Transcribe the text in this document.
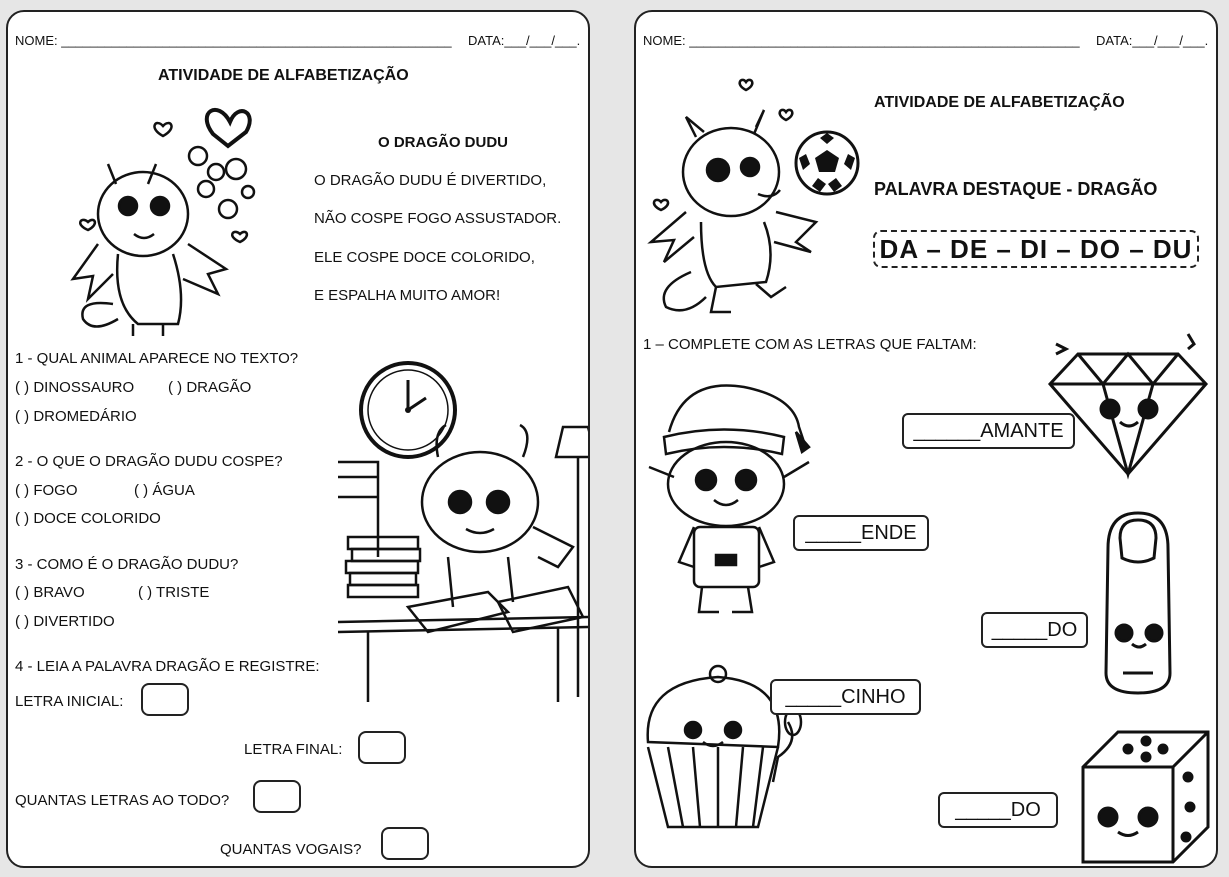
NOME: ______________________________________________________ DATA:___/___/___.
ATIVIDADE DE ALFABETIZAÇÃO
O DRAGÃO DUDU
O DRAGÃO DUDU É DIVERTIDO,
NÃO COSPE FOGO ASSUSTADOR.
ELE COSPE DOCE COLORIDO,
E ESPALHA MUITO AMOR!
1 - QUAL ANIMAL APARECE NO TEXTO?
( ) DINOSSAURO ( ) DRAGÃO
( ) DROMEDÁRIO
2 - O QUE O DRAGÃO DUDU COSPE?
( ) FOGO	( ) ÁGUA
( ) DOCE COLORIDO
3 - COMO É O DRAGÃO DUDU?
( ) BRAVO	( ) TRISTE
( ) DIVERTIDO
4 - LEIA A PALAVRA DRAGÃO E REGISTRE:
LETRA INICIAL:
LETRA FINAL:
QUANTAS LETRAS AO TODO?
QUANTAS VOGAIS?
NOME: ______________________________________________________ DATA:___/___/___.
ATIVIDADE DE ALFABETIZAÇÃO
PALAVRA DESTAQUE - DRAGÃO
DA – DE – DI – DO – DU
1 – COMPLETE COM AS LETRAS QUE FALTAM:
______AMANTE
_____ENDE
_____DO
_____CINHO
_____DO
